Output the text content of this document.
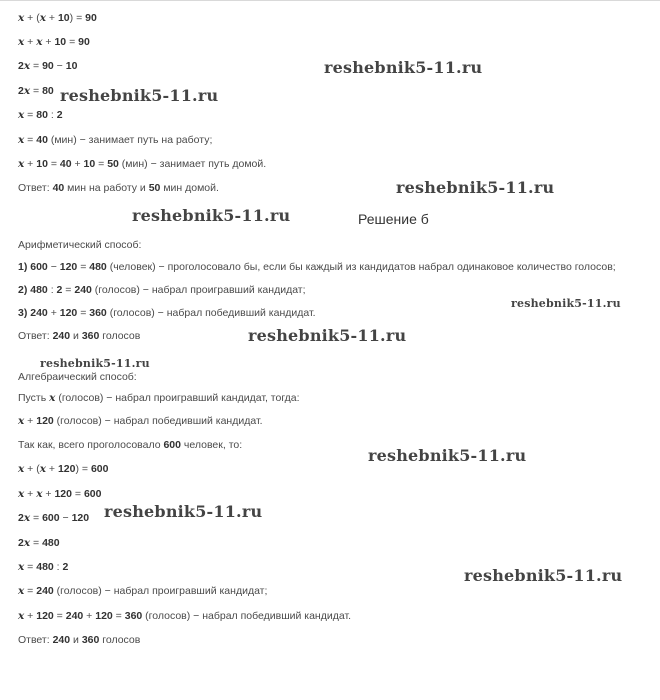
x + (x + 10) = 90
x + x + 10 = 90
2x = 90 − 10
2x = 80
x = 80 : 2
x = 40 (мин) − занимает путь на работу;
x + 10 = 40 + 10 = 50 (мин) − занимает путь домой.
Ответ: 40 мин на работу и 50 мин домой.
Арифметический способ:
1) 600 − 120 = 480 (человек) − проголосовало бы, если бы каждый из кандидатов набрал одинаковое количество голосов;
2) 480 : 2 = 240 (голосов) − набрал проигравший кандидат;
3) 240 + 120 = 360 (голосов) − набрал победивший кандидат.
Ответ: 240 и 360 голосов
Алгебраический способ:
Пусть x (голосов) − набрал проигравший кандидат, тогда:
x + 120 (голосов) − набрал победивший кандидат.
Так как, всего проголосовало 600 человек, то:
x + (x + 120) = 600
x + x + 120 = 600
2x = 600 − 120
2x = 480
x = 480 : 2
x = 240 (голосов) − набрал проигравший кандидат;
x + 120 = 240 + 120 = 360 (голосов) − набрал победивший кандидат.
Ответ: 240 и 360 голосов
Решение б
reshebnik5-11.ru
reshebnik5-11.ru
reshebnik5-11.ru
reshebnik5-11.ru
reshebnik5-11.ru
reshebnik5-11.ru
reshebnik5-11.ru
reshebnik5-11.ru
reshebnik5-11.ru
reshebnik5-11.ru
